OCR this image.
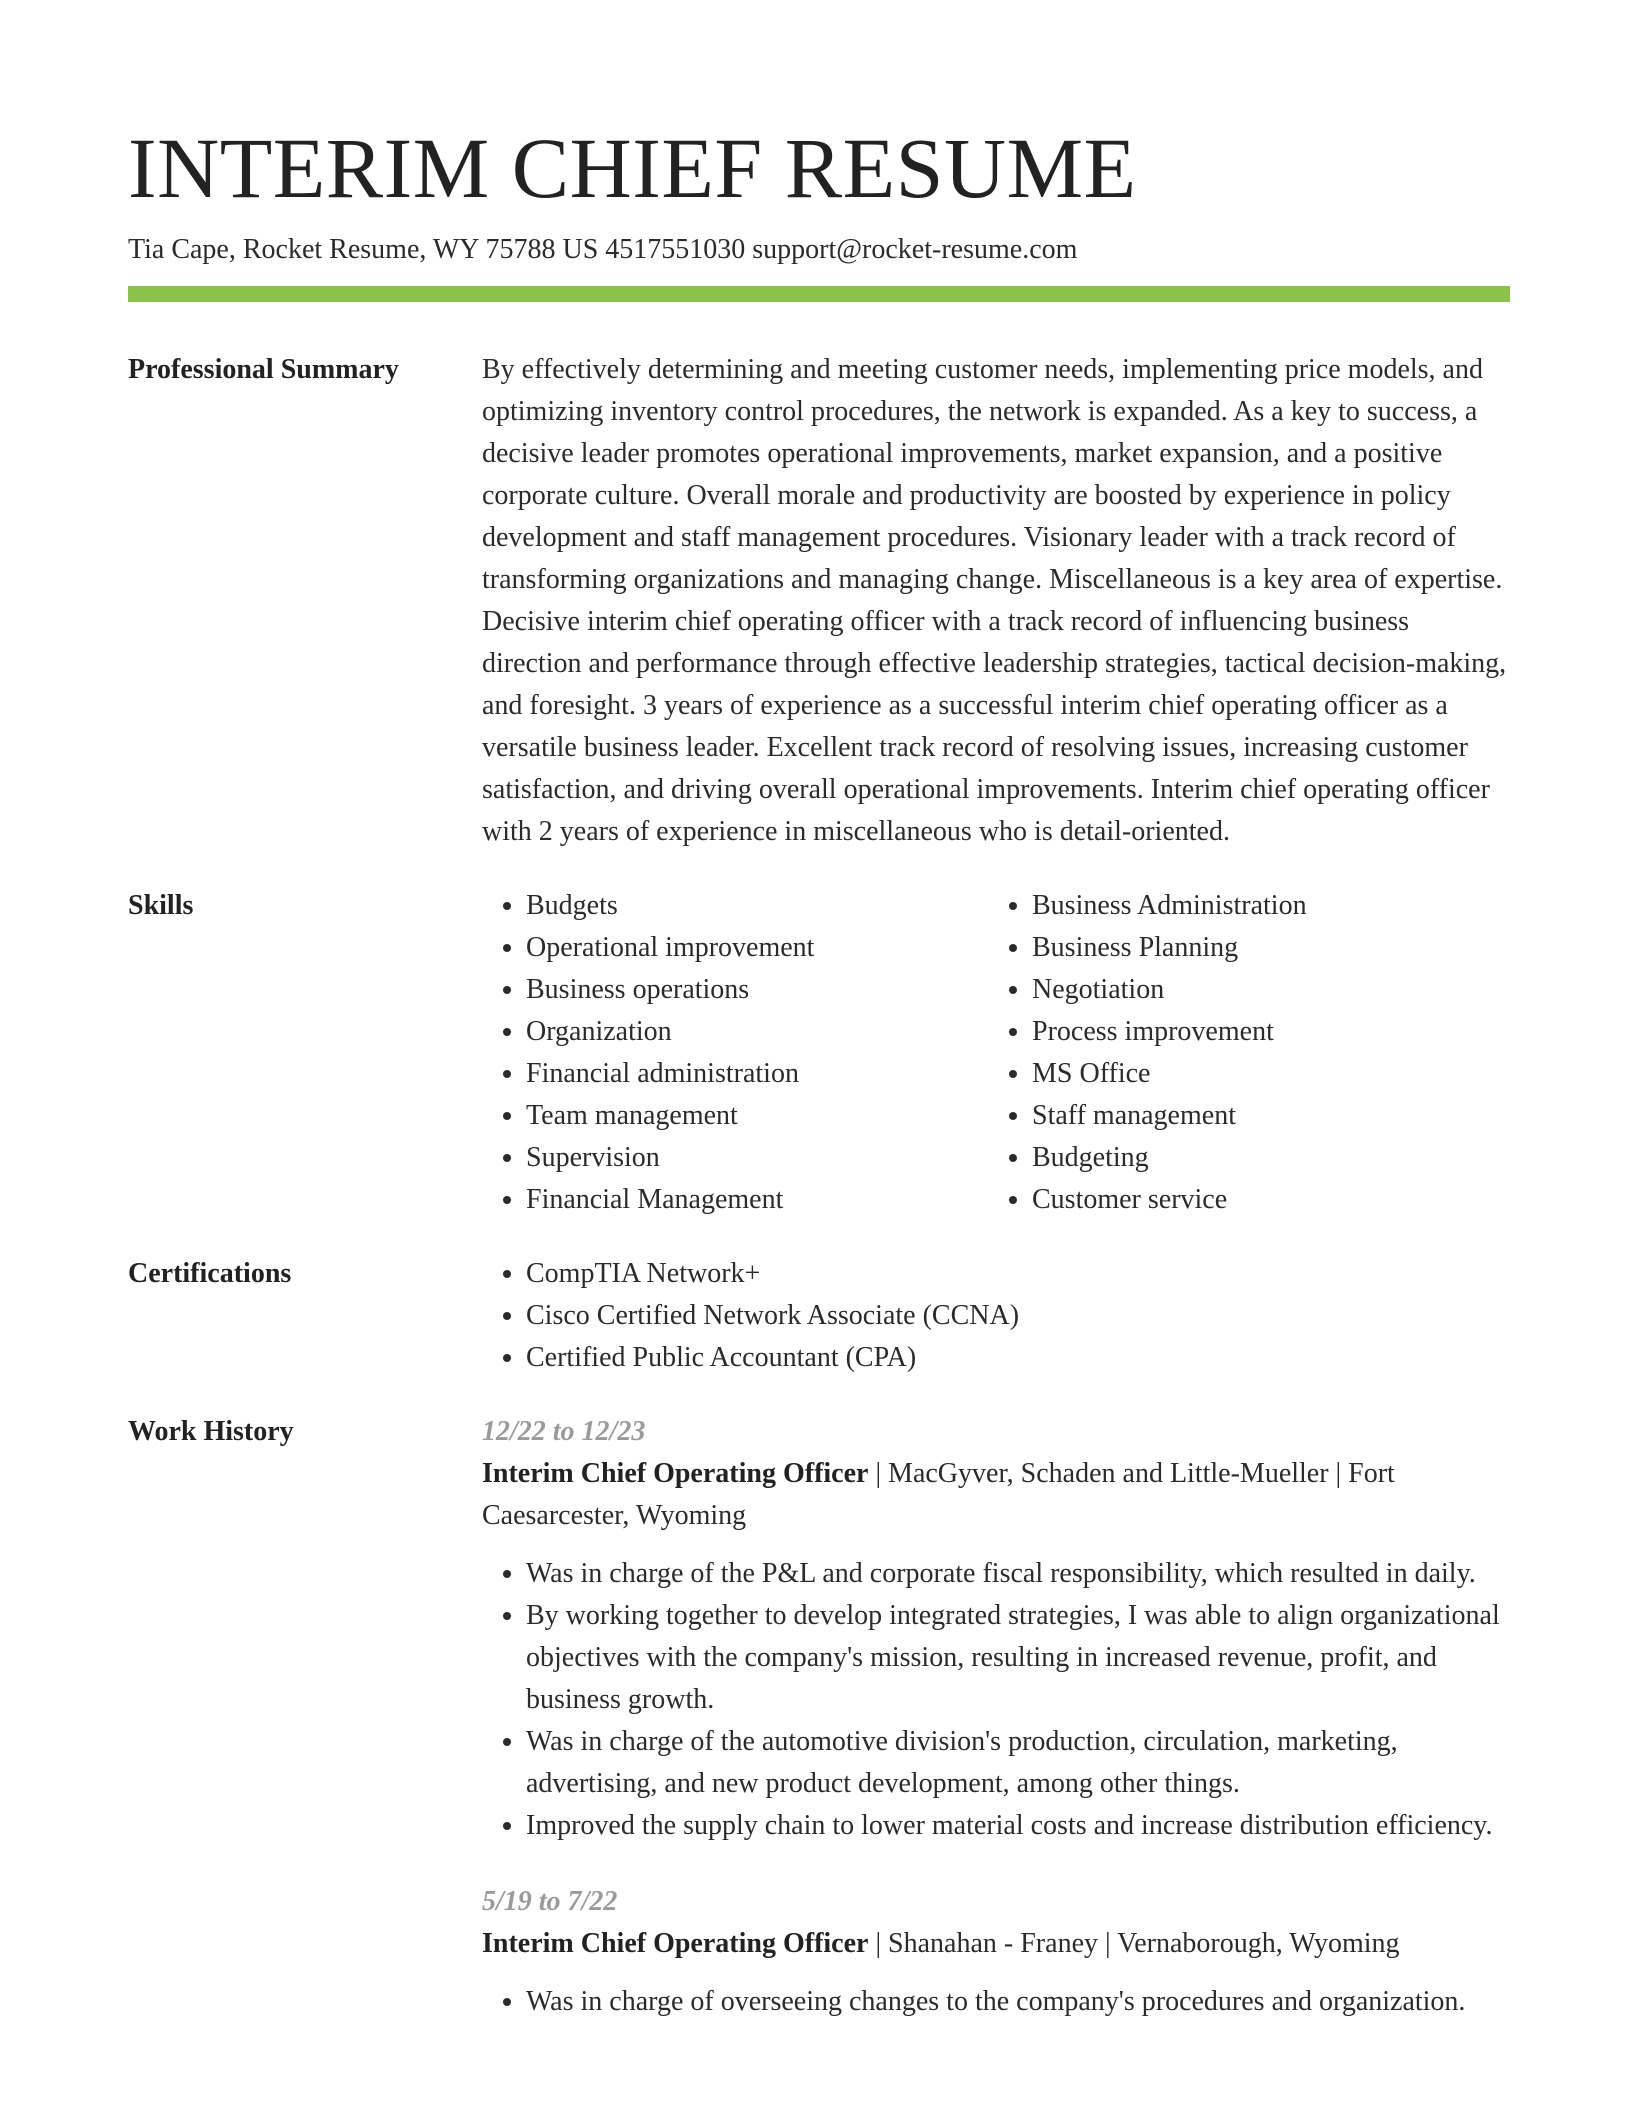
INTERIM CHIEF RESUME
Tia Cape, Rocket Resume, WY 75788 US 4517551030 support@rocket-resume.com
Professional Summary	By effectively determining and meeting customer needs, implementing price models, and optimizing inventory control procedures, the network is expanded. As a key to success, a decisive leader promotes operational improvements, market expansion, and a positive corporate culture. Overall morale and productivity are boosted by experience in policy development and staff management procedures. Visionary leader with a track record of transforming organizations and managing change. Miscellaneous is a key area of expertise. Decisive interim chief operating officer with a track record of influencing business direction and performance through effective leadership strategies, tactical decision-making, and foresight. 3 years of experience as a successful interim chief operating officer as a versatile business leader. Excellent track record of resolving issues, increasing customer satisfaction, and driving overall operational improvements. Interim chief operating officer with 2 years of experience in miscellaneous who is detail-oriented.

Skills	• Budgets
• Operational improvement
• Business operations
• Organization
• Financial administration
• Team management
• Supervision
• Financial Management
• Business Administration
• Business Planning
• Negotiation
• Process improvement
• MS Office
• Staff management
• Budgeting
• Customer service
Certifications	• CompTIA Network+
• Cisco Certified Network Associate (CCNA)
• Certified Public Accountant (CPA)
Work History	12/22 to 12/23

Interim Chief Operating Officer | MacGyver, Schaden and Little-Mueller | Fort Caesarcester, Wyoming

• Was in charge of the P&L and corporate fiscal responsibility, which resulted in daily.
• By working together to develop integrated strategies, I was able to align organizational objectives with the company's mission, resulting in increased revenue, profit, and business growth.
• Was in charge of the automotive division's production, circulation, marketing, advertising, and new product development, among other things.
• Improved the supply chain to lower material costs and increase distribution efficiency.
5/19 to 7/22

Interim Chief Operating Officer | Shanahan - Franey | Vernaborough, Wyoming

• Was in charge of overseeing changes to the company's procedures and organization.
